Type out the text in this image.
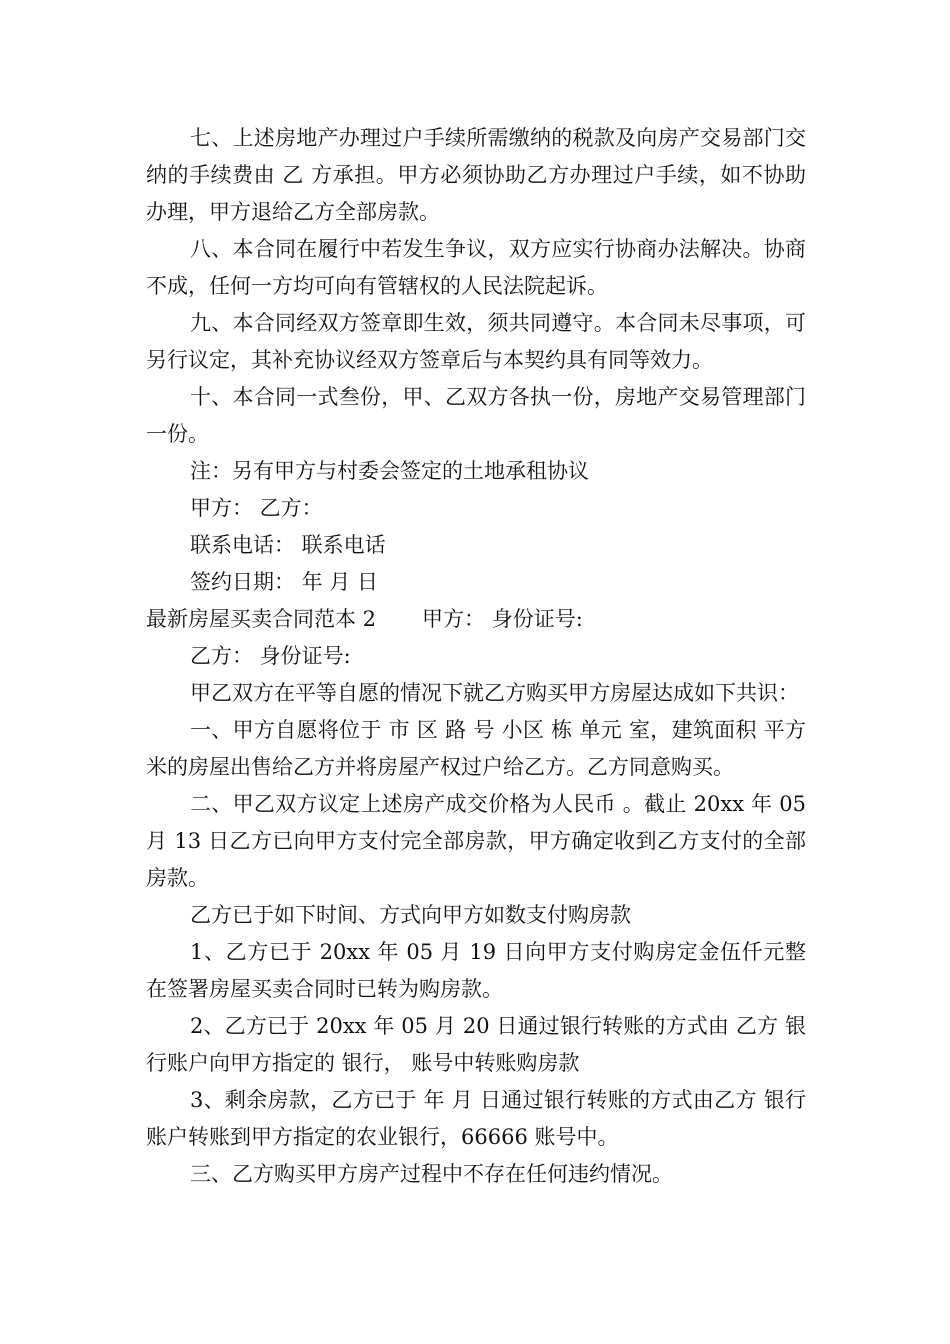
七、上述房地产办理过户手续所需缴纳的税款及向房产交易部门交纳的手续费由 乙 方承担。甲方必须协助乙方办理过户手续，如不协助办理，甲方退给乙方全部房款。

八、本合同在履行中若发生争议，双方应实行协商办法解决。协商不成，任何一方均可向有管辖权的人民法院起诉。

九、本合同经双方签章即生效，须共同遵守。本合同未尽事项，可另行议定，其补充协议经双方签章后与本契约具有同等效力。

十、本合同一式叁份，甲、乙双方各执一份，房地产交易管理部门一份。

注：另有甲方与村委会签定的土地承租协议

甲方： 乙方：

联系电话： 联系电话

签约日期： 年 月 日

最新房屋买卖合同范本 2 甲方： 身份证号:

乙方： 身份证号:

甲乙双方在平等自愿的情况下就乙方购买甲方房屋达成如下共识：

一、甲方自愿将位于 市 区 路 号 小区 栋 单元 室，建筑面积 平方米的房屋出售给乙方并将房屋产权过户给乙方。乙方同意购买。

二、甲乙双方议定上述房产成交价格为人民币 。截止 20xx 年 05 月 13 日乙方已向甲方支付完全部房款，甲方确定收到乙方支付的全部房款。

乙方已于如下时间、方式向甲方如数支付购房款

1、乙方已于 20xx 年 05 月 19 日向甲方支付购房定金伍仟元整在签署房屋买卖合同时已转为购房款。

2、乙方已于 20xx 年 05 月 20 日通过银行转账的方式由 乙方 银行账户向甲方指定的 银行， 账号中转账购房款

3、剩余房款，乙方已于 年 月 日通过银行转账的方式由乙方 银行账户转账到甲方指定的农业银行，66666 账号中。

三、乙方购买甲方房产过程中不存在任何违约情况。
